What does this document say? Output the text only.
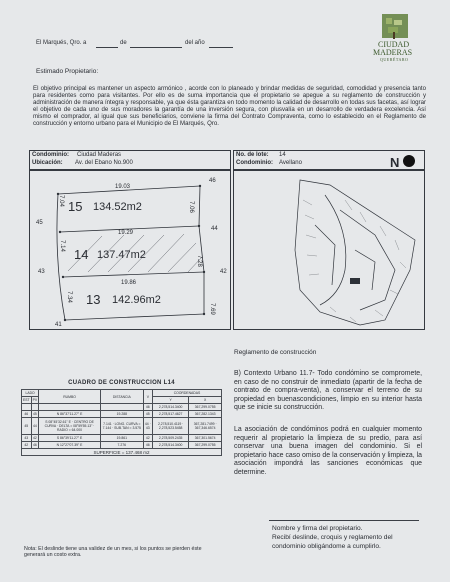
El Marqués, Qro. a	de	del año	CIUDAD
MADERAS
QUERÉTARO
Estimado Propietario:
El objetivo principal es mantener un aspecto armónico , acorde con lo planeado y brindar medidas de seguridad, comodidad y presencia tanto para residentes como para visitantes. Por ello es de suma importancia que el propietario se apegue a su reglamento de construcción y administración de manera íntegra y responsable, ya que ésta garantiza en todo momento la calidad de desarrollo en todas sus facetas, así lograr el objetivo de cada uno de sus moradores la garantía de una inversión segura, con plusvalía en un desarrollo de verdadera excelencia. Así mismo el comprador, al igual que sus beneficiarios, conviene la firma del Contrato Compraventa, como lo establecido en el Reglamento de construcción y entorno urbano para el Municipio de El Marqués, Qro.
Condominio: Ciudad Maderas
Ubicación: Av. del Ebano No.900
No. de lote: 14
Condominio: Avellano	N
15 134.52m2
14 137.47m2
13 142.96m2
19.03
19.29
19.86
7.04
7.06
7.14
7.28
7.34
7.69
46
45
44
43	42
41
CUADRO DE CONSTRUCCION L14
LADO		RUMBO	DISTANCIA	V	COORDENADAS	
EST	PV				Y	X
				46	2,278,514.3400	367,299.0755
46	45	N 86°37'11.27" E	19.288	45	2,278,517.4627	367,282.1343
45	44	S 08°45'32.61" E · CENTRO DE CURVA · DELTA = 08°59'55.13" · RADIO = 64.000	7.141 · LONG. CURVA = 7.144 · SUB.TAN = 3.575	44 · 43	2,278,510.4119 · 2,278,523.5458	367,281.7499 · 367,346.6574
43	42	S 86°39'11.27" E	19.861	42	2,278,509.2435	367,301.5674
42	46	N 12°27'07.39" E	7.276	46	2,278,514.3400	367,299.0755
SUPERFICIE = 137.468 m2						
Nota: El deslinde tiene una validez de un mes, si los puntos se pierden éste generará un costo extra.
Reglamento de construcción
B) Contexto Urbano 11.7- Todo condómino se compromete, en caso de no construir de inmediato (apartir de la fecha de contrato de compra-venta), a conservar el terreno de su propiedad en buenascondiciones, limpio en su interior hasta que se inicie su construcción.
La asociación de condóminos podrá en cualquier momento requerir al propietario la limpieza de su predio, para así conservar una buena imagen del condominio. Si el propietario hace caso omiso de la conservación y limpieza, la asociación impondrá las sanciones económicas que determine.
Nombre y firma del propietario.
Recibí deslinde, croquis y reglamento del
condominio obligándome a cumplirlo.
